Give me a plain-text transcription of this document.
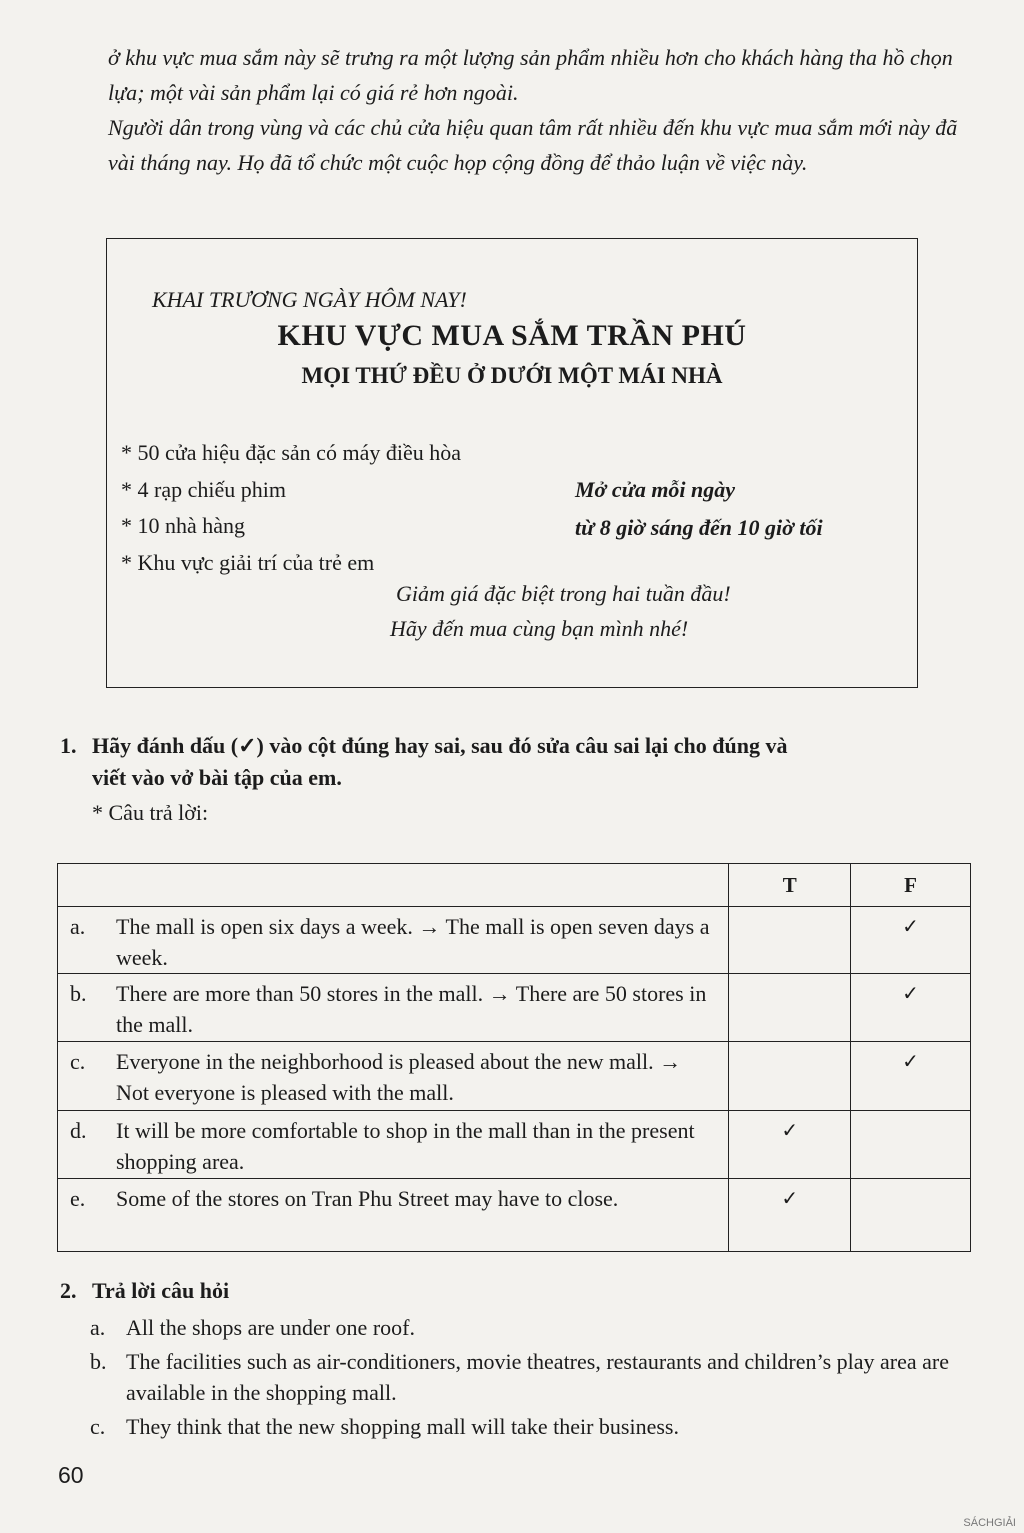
ở khu vực mua sắm này sẽ trưng ra một lượng sản phẩm nhiều hơn cho khách hàng tha hồ chọn lựa; một vài sản phẩm lại có giá rẻ hơn ngoài.

Người dân trong vùng và các chủ cửa hiệu quan tâm rất nhiều đến khu vực mua sắm mới này đã vài tháng nay. Họ đã tổ chức một cuộc họp cộng đồng để thảo luận về việc này.

KHAI TRƯƠNG NGÀY HÔM NAY!
KHU VỰC MUA SẮM TRẦN PHÚ
MỌI THỨ ĐỀU Ở DƯỚI MỘT MÁI NHÀ
* 50 cửa hiệu đặc sản có máy điều hòa
* 4 rạp chiếu phim
* 10 nhà hàng
* Khu vực giải trí của trẻ em
Mở cửa mỗi ngày
từ 8 giờ sáng đến 10 giờ tối
Giảm giá đặc biệt trong hai tuần đầu!
Hãy đến mua cùng bạn mình nhé!
1. Hãy đánh dấu (✓) vào cột đúng hay sai, sau đó sửa câu sai lại cho đúng và
viết vào vở bài tập của em.
* Câu trả lời:
	T	F

a. The mall is open six days a week. → The mall is open seven days a week.		✓

b. There are more than 50 stores in the mall. → There are 50 stores in the mall.		✓

c. Everyone in the neighborhood is pleased about the new mall. → Not everyone is pleased with the mall.		✓

d. It will be more comfortable to shop in the mall than in the present shopping area.	✓	

e. Some of the stores on Tran Phu Street may have to close.	✓	
2. Trả lời câu hỏi
a. All the shops are under one roof.
b. The facilities such as air-conditioners, movie theatres, restaurants and children’s play area are available in the shopping mall.
c. They think that the new shopping mall will take their business.
60
SÁCHGIẢI
